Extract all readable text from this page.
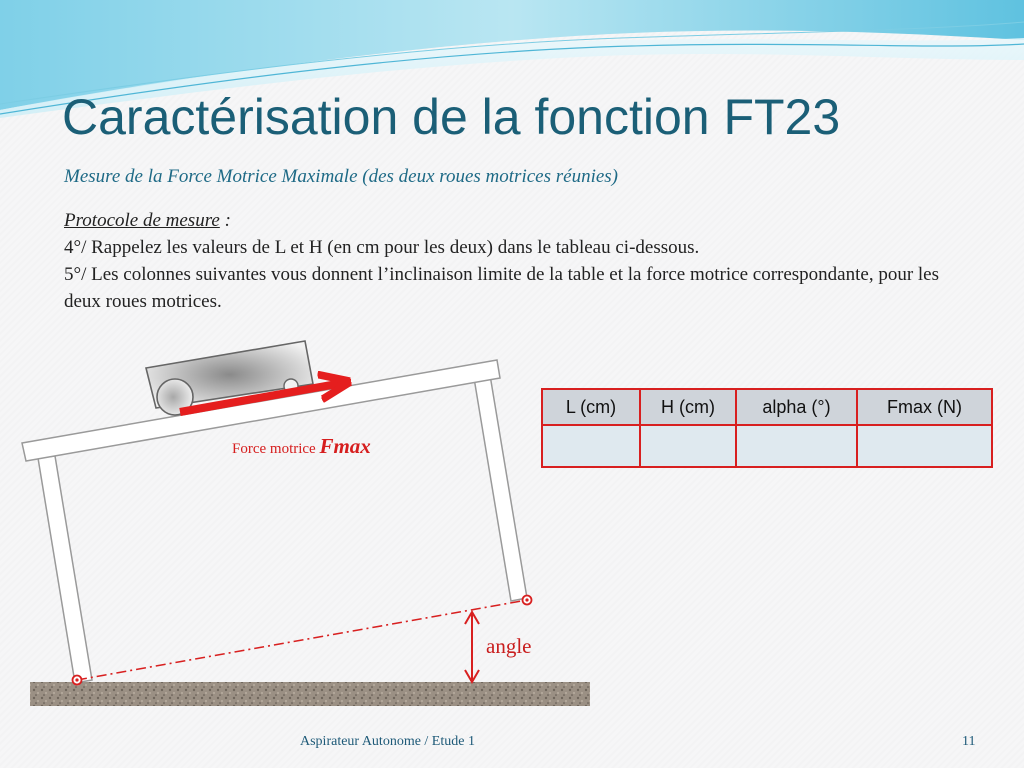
Caractérisation de la fonction FT23
Mesure de la Force Motrice Maximale (des deux roues motrices réunies)

Protocole de mesure :

4°/ Rappelez les valeurs de L et H (en cm pour les deux) dans le tableau ci-dessous.

5°/ Les colonnes suivantes vous donnent l’inclinaison limite de la table et la force motrice correspondante, pour les deux roues motrices.

Force motrice Fmax
angle
L (cm)	H (cm)	alpha (°)	Fmax (N)

Aspirateur Autonome / Etude 1	11
